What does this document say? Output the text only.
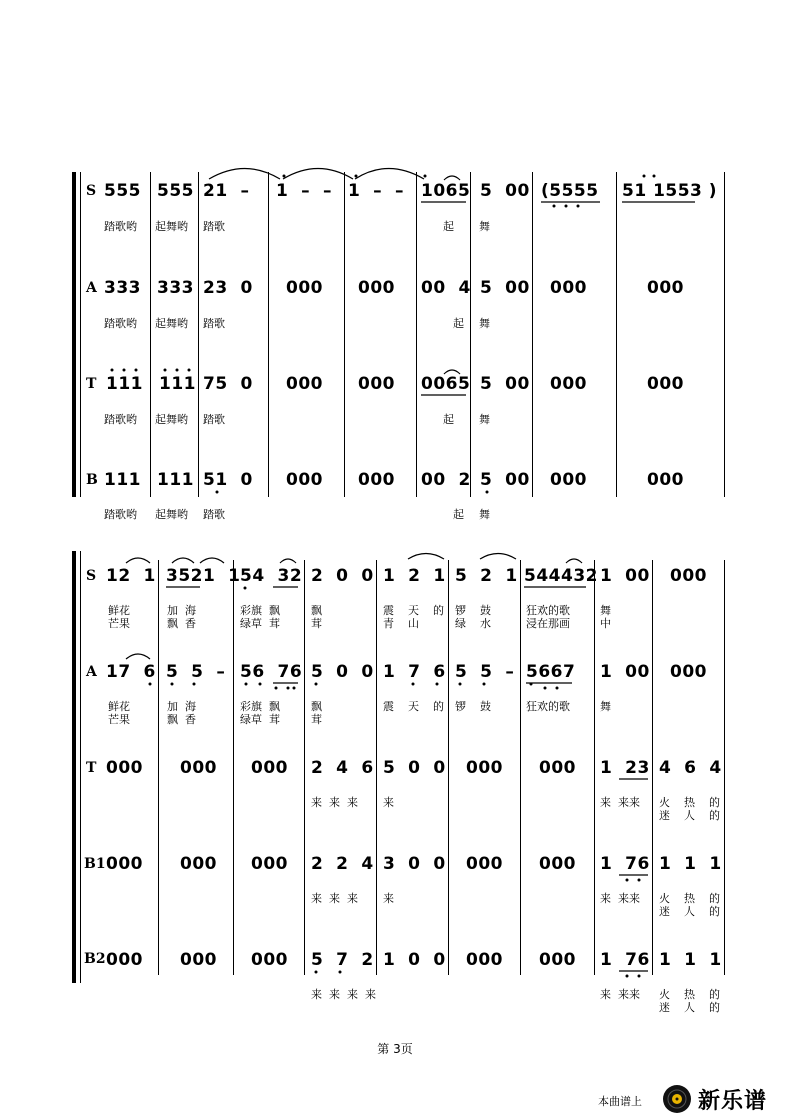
S 555 555 21  – 1  –  – 1  –  – 1065 5  00 (5555 51 1553 )
踏歌哟 起舞哟 踏歌	起 舞
A 333 333 23  0 000 000 00  4 5  00 000	000
踏歌哟 起舞哟 踏歌	起 舞
T 111 111 75  0 000 000 0065 5  00 000	000
踏歌哟 起舞哟 踏歌	起 舞
B 111 111 51  0 000 000 00  2 5  00 000	000
踏歌哟 起舞哟 踏歌	起 舞
S 12  1 3521  1 54  32 2  0  0 1  2  1 5  2  1 544432 1  00 000
鲜花
芒果
加  海
飘  香
彩旗  飘
绿草  茸
飘
茸
震    天    的
青    山
锣    鼓
绿    水
狂欢的歌
浸在那画
舞
中
A 17  6 5  5  – 56  76 5  0  0 1  7  6 5  5  – 5667 1  00 000
鲜花
芒果
加  海
飘  香
彩旗  飘
绿草  茸
飘
茸
震    天    的 锣    鼓	狂欢的歌	舞
T 000 000 000 2  4  6 5  0  0 000 000 1  23 4  6  4
来  来  来 来	来  来来 火    热    的
迷    人    的
B1 000 000 000 2  2  4 3  0  0 000 000 1  76 1  1  1
来  来  来 来	来  来来 火    热    的
迷    人    的
B2 000 000 000 5  7  2 1  0  0 000 000 1  76 1  1  1
来  来  来  来	来  来来 火    热    的
迷    人    的
第 3页
本曲谱上	新乐谱
